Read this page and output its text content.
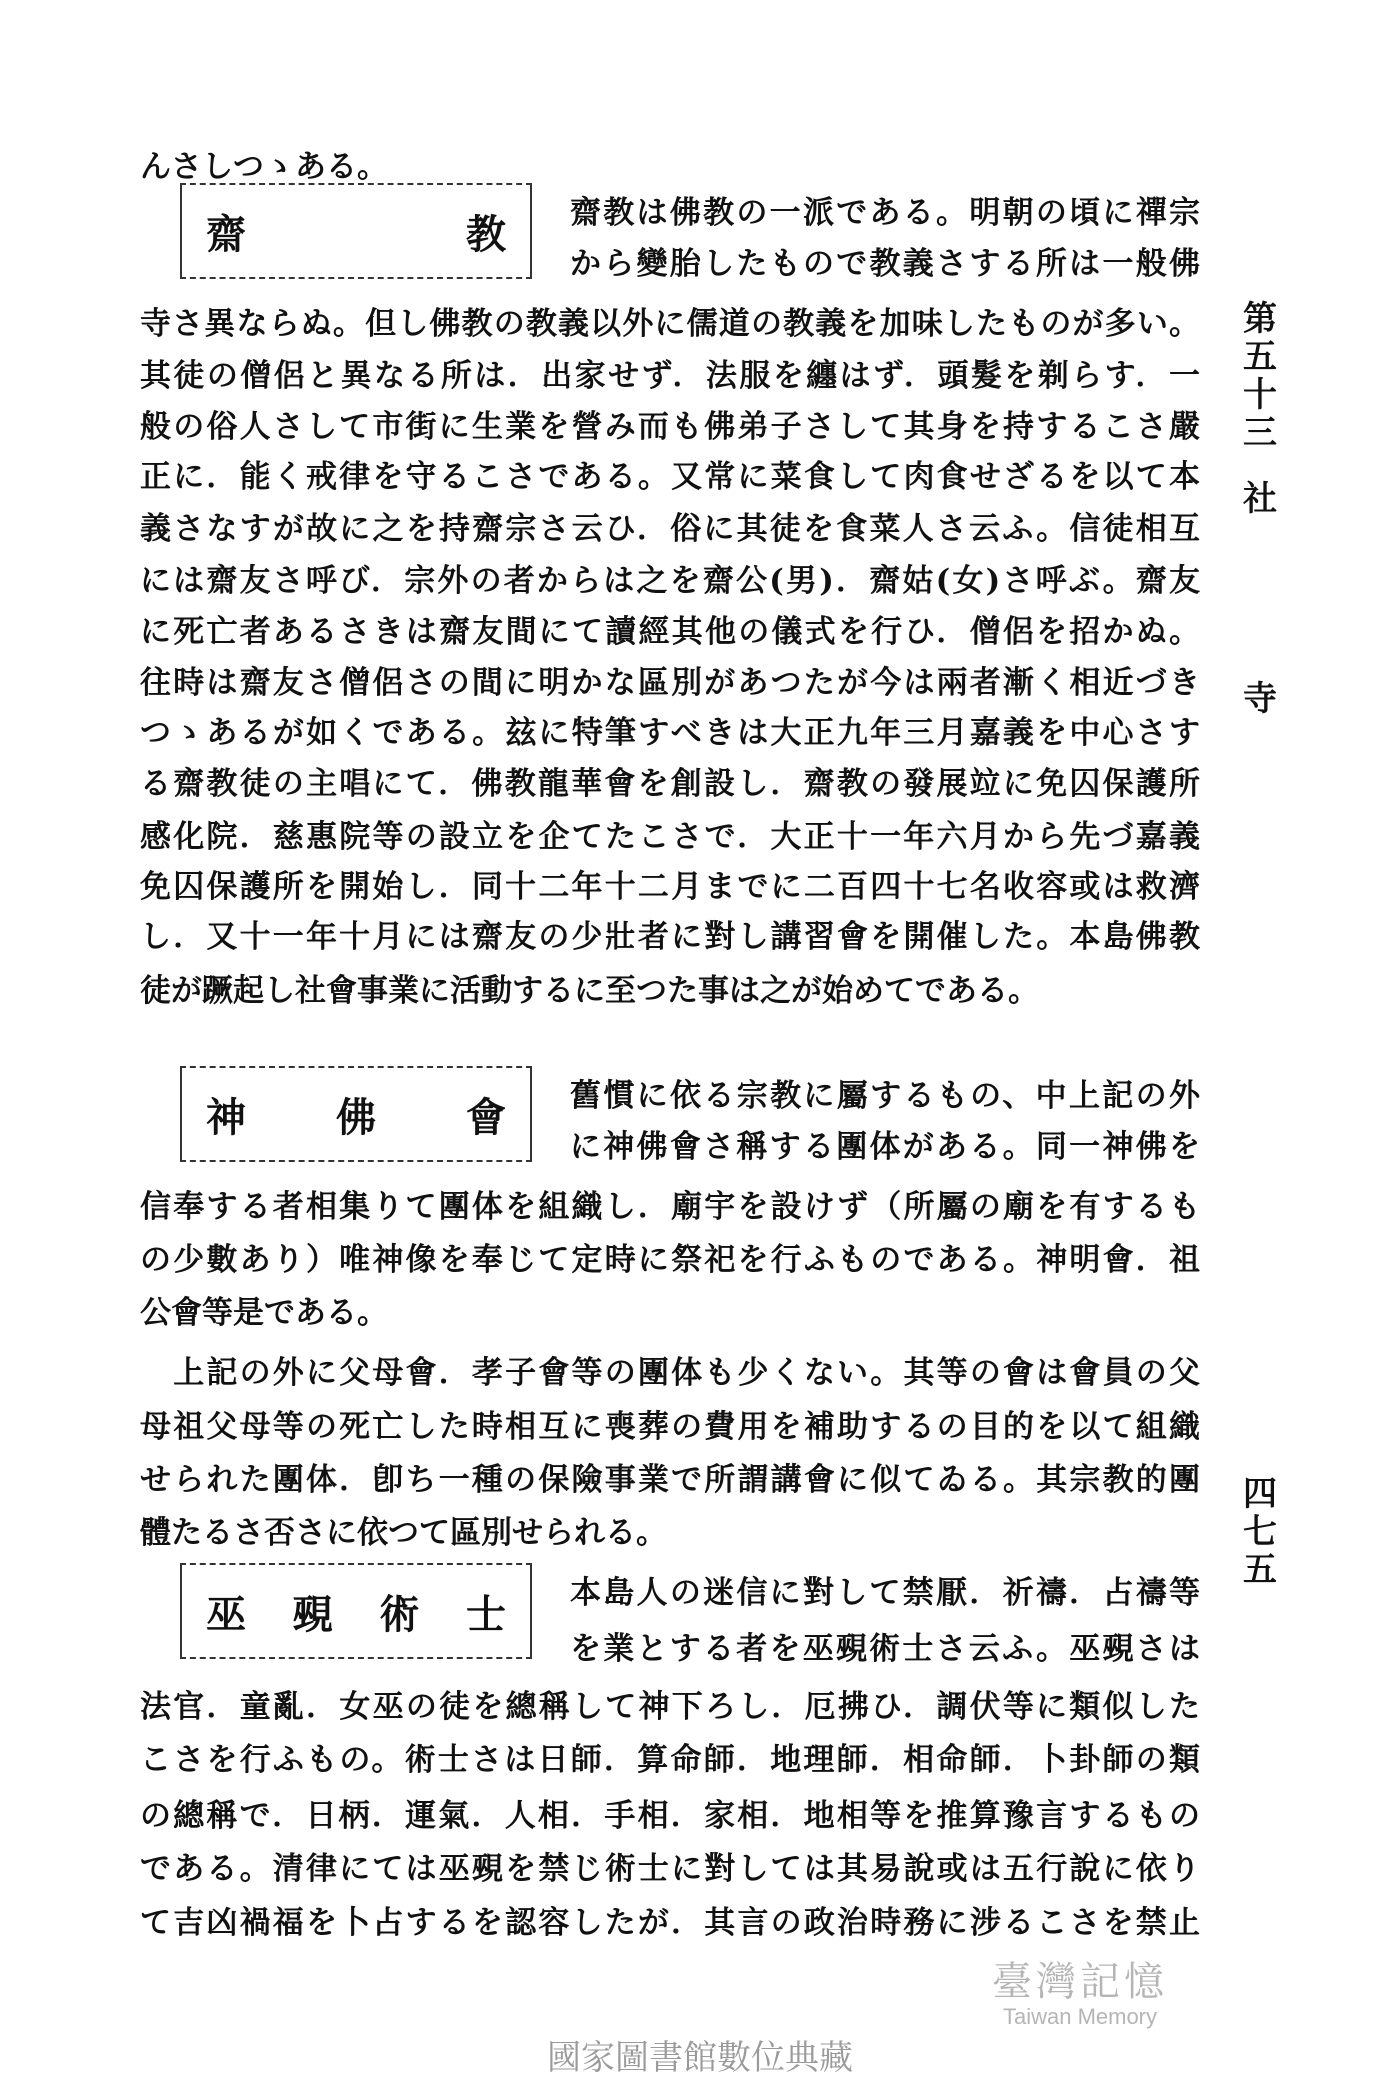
んさしつゝある。
齋	教 齋教は佛教の一派である。明朝の頃に禪宗
から變胎したもので教義さする所は一般佛
寺さ異ならぬ。但し佛教の教義以外に儒道の教義を加味したものが多い。
其徒の僧侶と異なる所は．出家せず．法服を纏はず．頭髮を剃らす．一
般の俗人さして市街に生業を營み而も佛弟子さして其身を持するこさ嚴
正に．能く戒律を守るこさである。又常に菜食して肉食せざるを以て本
義さなすが故に之を持齋宗さ云ひ．俗に其徒を食菜人さ云ふ。信徒相互
には齋友さ呼び．宗外の者からは之を齋公(男)．齋姑(女)さ呼ぶ。齋友
に死亡者あるさきは齋友間にて讀經其他の儀式を行ひ．僧侶を招かぬ。
往時は齋友さ僧侶さの間に明かな區別があつたが今は兩者漸く相近づき
つゝあるが如くである。玆に特筆すべきは大正九年三月嘉義を中心さす
る齋教徒の主唱にて．佛教龍華會を創設し．齋教の發展竝に免囚保護所
感化院．慈惠院等の設立を企てたこさで．大正十一年六月から先づ嘉義
免囚保護所を開始し．同十二年十二月までに二百四十七名收容或は救濟
し．又十一年十月には齋友の少壯者に對し講習會を開催した。本島佛教
徒が蹶起し社會事業に活動するに至つた事は之が始めてである。
神 佛 會 舊慣に依る宗教に屬するもの、中上記の外
に神佛會さ稱する團体がある。同一神佛を
信奉する者相集りて團体を組織し．廟宇を設けず（所屬の廟を有するも
の少數あり）唯神像を奉じて定時に祭祀を行ふものである。神明會．祖
公會等是である。
　上記の外に父母會．孝子會等の團体も少くない。其等の會は會員の父
母祖父母等の死亡した時相互に喪葬の費用を補助するの目的を以て組織
せられた團体．卽ち一種の保險事業で所謂講會に似てゐる。其宗教的團
體たるさ否さに依つて區別せられる。
巫 覡 術 士 本島人の迷信に對して禁厭．祈禱．占禱等
を業とする者を巫覡術士さ云ふ。巫覡さは
法官．童亂．女巫の徒を總稱して神下ろし．厄拂ひ．調伏等に類似した
こさを行ふもの。術士さは日師．算命師．地理師．相命師．卜卦師の類
の總稱で．日柄．運氣．人相．手相．家相．地相等を推算豫言するもの
である。清律にては巫覡を禁じ術士に對しては其易說或は五行說に依り
て吉凶禍福を卜占するを認容したが．其言の政治時務に涉るこさを禁止
第五十三
社
寺
四七五
臺灣記憶
Taiwan Memory
國家圖書館數位典藏
